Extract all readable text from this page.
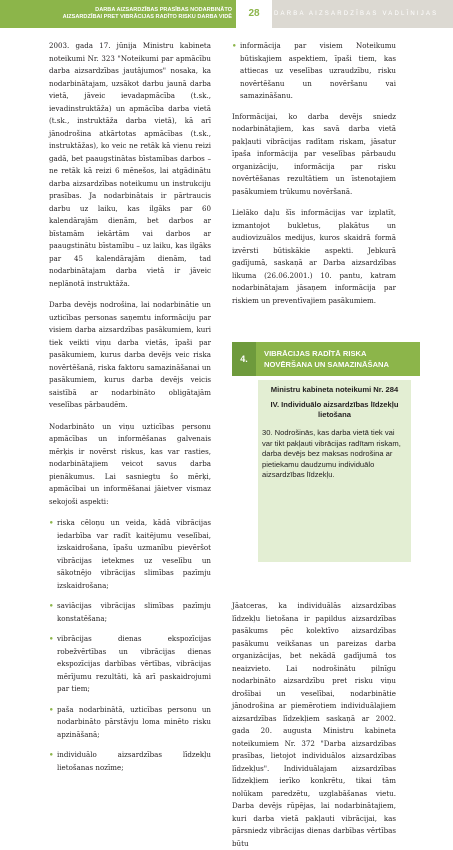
DARBA AIZSARDZĪBAS PRASĪBAS NODARBINĀTO
AIZSARDZĪBAI PRET VIBRĀCIJAS RADĪTO RISKU DARBA VIDĒ	28	DARBA AIZSARDZĪBAS VADLĪNIJAS

2003. gada 17. jūnija Ministru kabineta noteikumi Nr. 323 "Noteikumi par apmācību darba aizsardzības jautājumos" nosaka, ka nodarbinātajam, uzsākot darbu jaunā darba vietā, jāveic ievadapmācība (t.sk., ievadinstruktāža) un apmācība darba vietā (t.sk., instruktāža darba vietā), kā arī jānodrošina atkārtotas apmācības (t.sk., instruktāžas), ko veic ne retāk kā vienu reizi gadā, bet paaugstinātas bīstamības darbos – ne retāk kā reizi 6 mēnešos, lai atgādinātu darba aizsardzības noteikumu un instrukciju prasības. Ja nodarbinātais ir pārtraucis darbu uz laiku, kas ilgāks par 60 kalendārajām dienām, bet darbos ar bīstamām iekārtām vai darbos ar paaugstinātu bīstamību – uz laiku, kas ilgāks par 45 kalendārajām dienām, tad nodarbinātajam darba vietā ir jāveic neplānotā instruktāža.

Darba devējs nodrošina, lai nodarbinātie un uzticības personas saņemtu informāciju par visiem darba aizsardzības pasākumiem, kuri tiek veikti viņu darba vietās, īpaši par pasākumiem, kurus darba devējs veic riska novērtēšanā, riska faktoru samazināšanai un pasākumiem, kurus darba devējs veicis saistībā ar nodarbināto obligātajām veselības pārbaudēm.

Nodarbināto un viņu uzticības personu apmācības un informēšanas galvenais mērķis ir novērst riskus, kas var rasties, nodarbinātajiem veicot savus darba pienākumus. Lai sasniegtu šo mērķi, apmācībai un informēšanai jāietver vismaz sekojoši aspekti:

• riska cēloņu un veida, kādā vibrācijas iedarbība var radīt kaitējumu veselībai, izskaidrošana, īpašu uzmanību pievēršot vibrācijas ietekmes uz veselību un sākotnējo vibrācijas slimības pazīmju izskaidrošana;
• saviācijas vibrācijas slimības pazīmju konstatēšana;
• vibrācijas dienas ekspozīcijas robežvērtības un vibrācijas dienas ekspozīcijas darbības vērtības, vibrācijas mērījumu rezultāti, kā arī paskaidrojumi par tiem;
• paša nodarbinātā, uzticības personu un nodarbināto pārstāvju loma minēto risku apzināšanā;
• individuālo aizsardzības līdzekļu lietošanas nozīme;
• informācija par visiem Noteikumu būtiskajiem aspektiem, īpaši tiem, kas attiecas uz veselības uzraudzību, risku novērtēšanu un novēršanu vai samazināšanu.

Informācijai, ko darba devējs sniedz nodarbinātajiem, kas savā darba vietā pakļauti vibrācijas radītam riskam, jāsatur īpaša informācija par veselības pārbaudu organizāciju, informācija par risku novērtēšanas rezultātiem un īstenotajiem pasākumiem trūkumu novēršanā.

Lielāko daļu šīs informācijas var izplatīt, izmantojot bukletus, plakātus un audiovizuālos medijus, kuros skaidrā formā izvērsti būtiskākie aspekti. Jebkurā gadījumā, saskaņā ar Darba aizsardzības likuma (26.06.2001.) 10. pantu, katram nodarbinātajam jāsaņem informācija par riskiem un preventīvajiem pasākumiem.

4.
VIBRĀCIJAS RADĪTĀ RISKA
NOVĒRŠANA UN SAMAZINĀŠANA
Ministru kabineta noteikumi Nr. 284
IV. Individuālo aizsardzības līdzekļu
lietošana
30. Nodrošinās, kas darba vietā tiek vai var tikt pakļauti vibrācijas radītam riskam, darba devējs bez maksas nodrošina ar pietiekamu daudzumu individuālo aizsardzības līdzekļu.

Jāatceras, ka individuālās aizsardzības līdzekļu lietošana ir papildus aizsardzības pasākums pēc kolektīvo aizsardzības pasākumu veikšanas un pareizas darba organizācijas, bet nekādā gadījumā tos neaizvieto. Lai nodrošinātu pilnīgu nodarbināto aizsardzību pret risku viņu drošībai un veselībai, nodarbinātie jānodrošina ar piemērotiem individuālajiem aizsardzības līdzekļiem saskaņā ar 2002. gada 20. augusta Ministru kabineta noteikumiem Nr. 372 "Darba aizsardzības prasības, lietojot individuālos aizsardzības līdzekļus". Individuālajam aizsardzības līdzekļiem ierīko konkrētu, tikai tām nolūkam paredzētu, uzglabāšanas vietu. Darba devējs rūpējas, lai nodarbinātajiem, kuri darba vietā pakļauti vibrācijai, kas pārsniedz vibrācijas dienas darbības vērtības būtu
